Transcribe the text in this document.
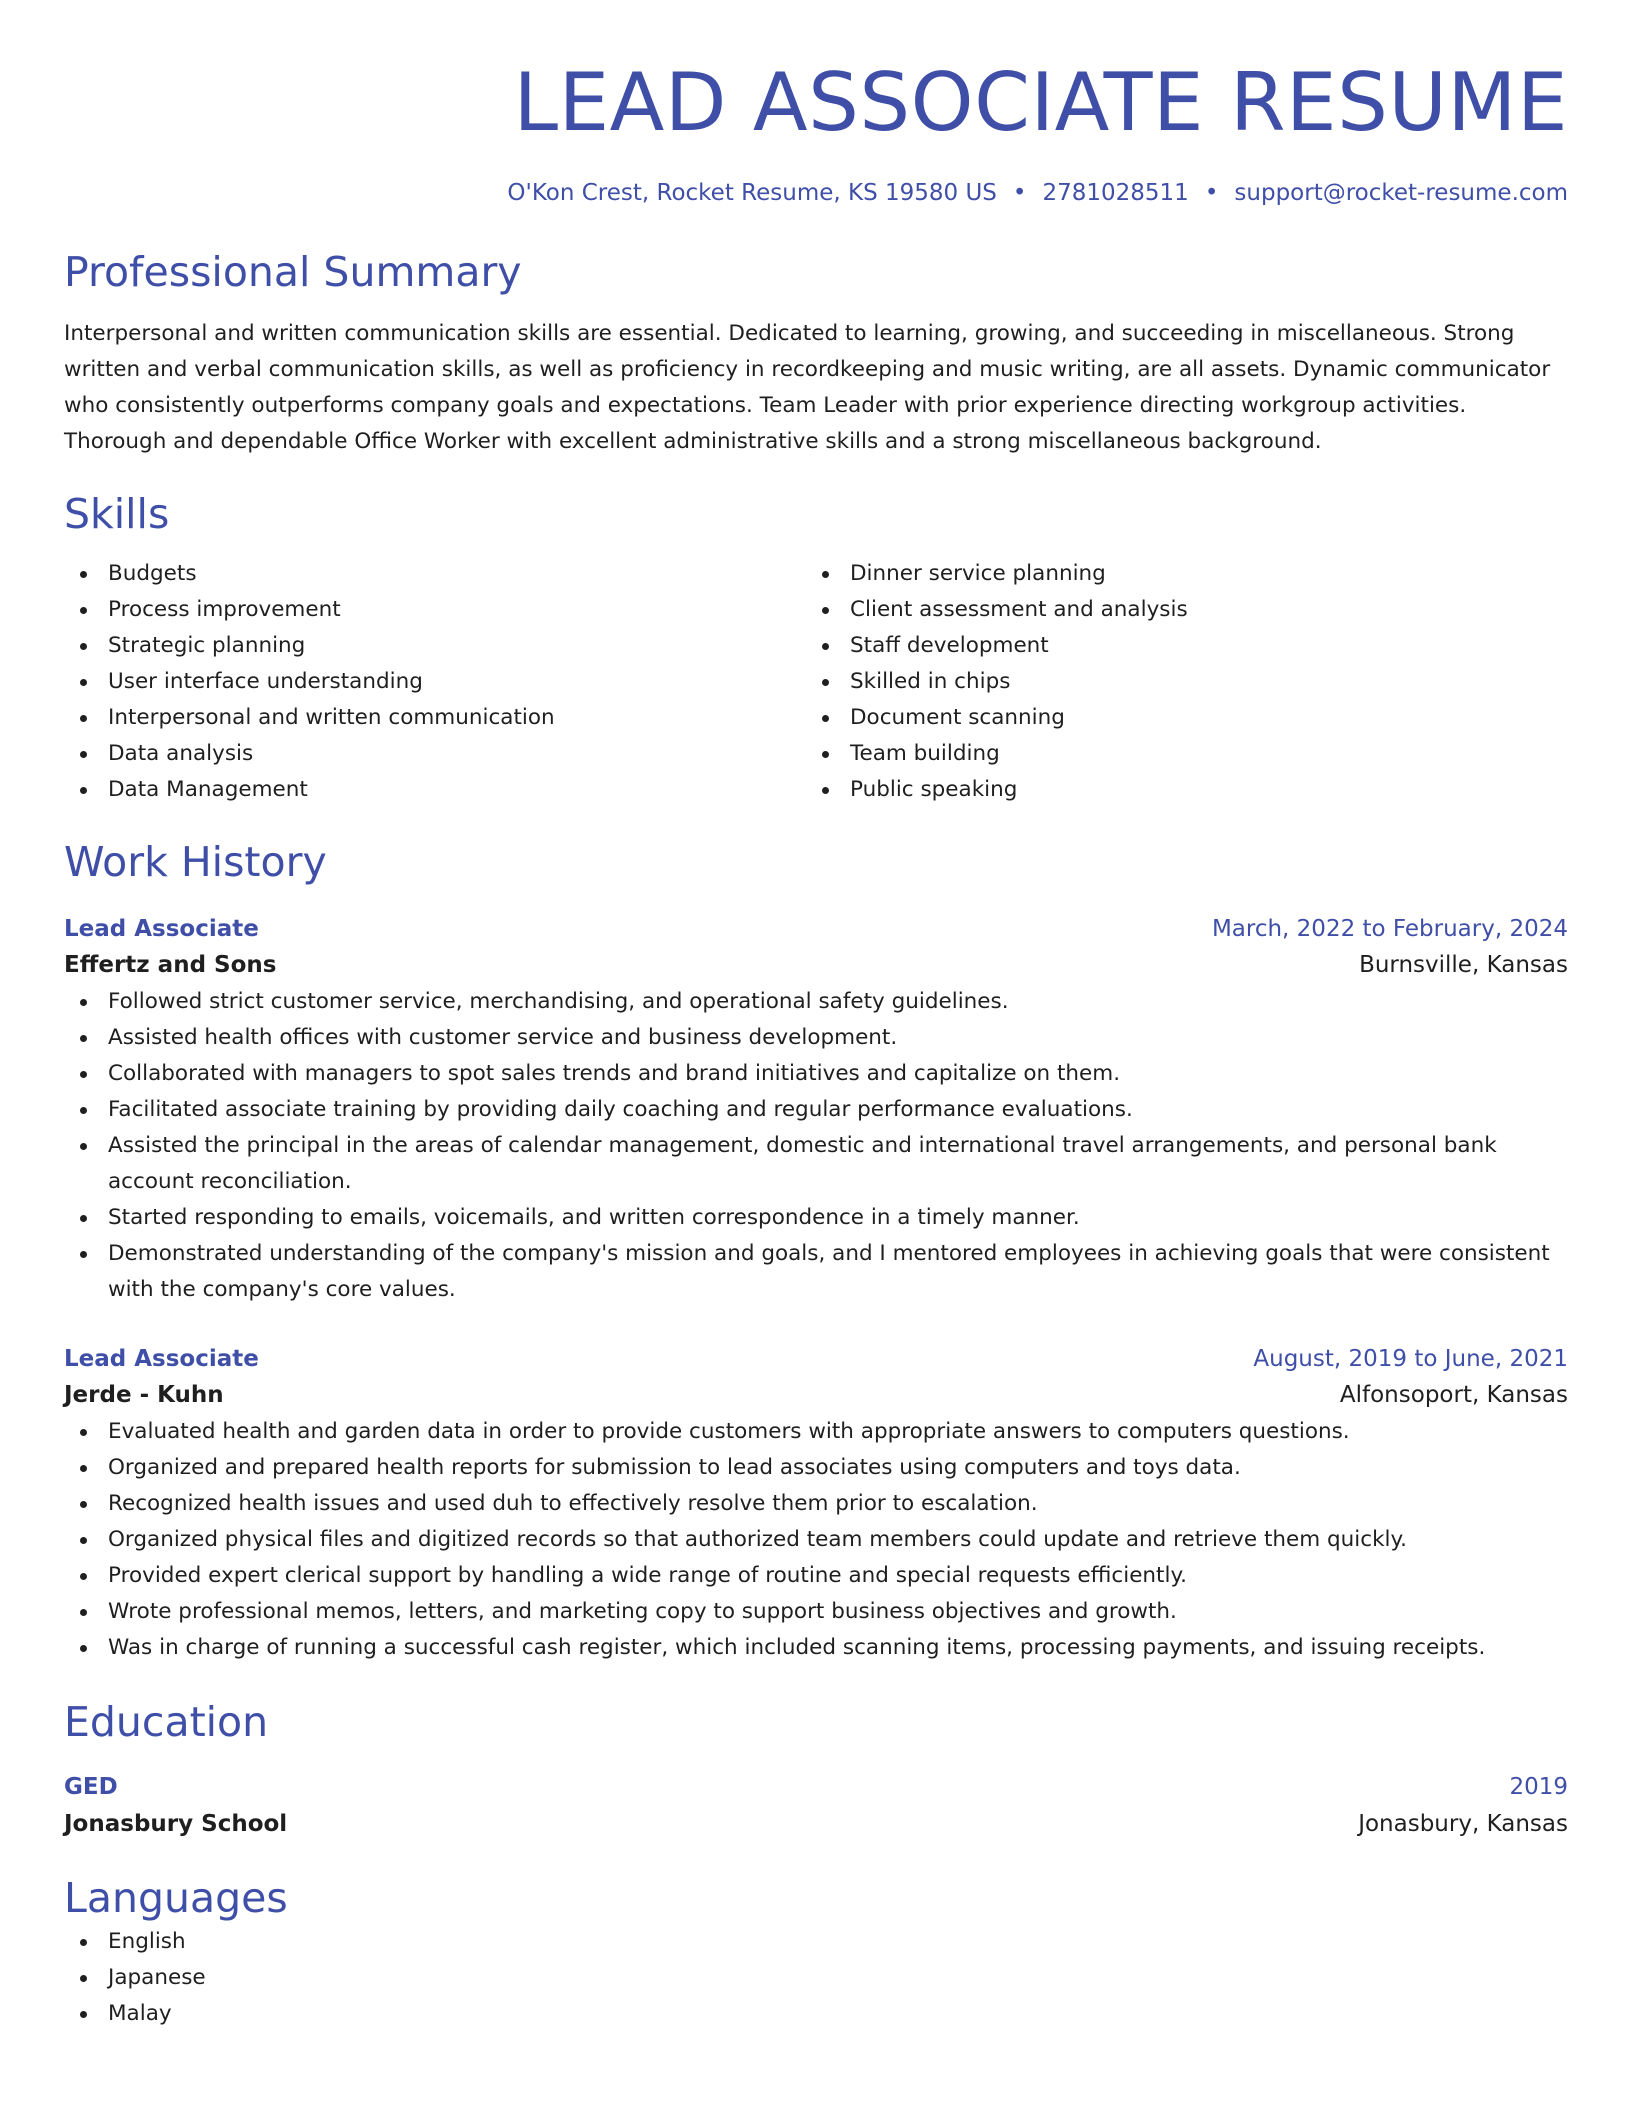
LEAD ASSOCIATE RESUME
O'Kon Crest, Rocket Resume, KS 19580 US • 2781028511 • support@rocket-resume.com
Professional Summary

Interpersonal and written communication skills are essential. Dedicated to learning, growing, and succeeding in miscellaneous. Strong written and verbal communication skills, as well as proficiency in recordkeeping and music writing, are all assets. Dynamic communicator who consistently outperforms company goals and expectations. Team Leader with prior experience directing workgroup activities. Thorough and dependable Office Worker with excellent administrative skills and a strong miscellaneous background.

Skills
Budgets
Process improvement
Strategic planning
User interface understanding
Interpersonal and written communication
Data analysis
Data Management
Dinner service planning
Client assessment and analysis
Staff development
Skilled in chips
Document scanning
Team building
Public speaking
Work History
Lead Associate	March, 2022 to February, 2024
Effertz and Sons	Burnsville, Kansas
Followed strict customer service, merchandising, and operational safety guidelines.
Assisted health offices with customer service and business development.
Collaborated with managers to spot sales trends and brand initiatives and capitalize on them.
Facilitated associate training by providing daily coaching and regular performance evaluations.
Assisted the principal in the areas of calendar management, domestic and international travel arrangements, and personal bank account reconciliation.
Started responding to emails, voicemails, and written correspondence in a timely manner.
Demonstrated understanding of the company's mission and goals, and I mentored employees in achieving goals that were consistent with the company's core values.
Lead Associate	August, 2019 to June, 2021
Jerde - Kuhn	Alfonsoport, Kansas
Evaluated health and garden data in order to provide customers with appropriate answers to computers questions.
Organized and prepared health reports for submission to lead associates using computers and toys data.
Recognized health issues and used duh to effectively resolve them prior to escalation.
Organized physical files and digitized records so that authorized team members could update and retrieve them quickly.
Provided expert clerical support by handling a wide range of routine and special requests efficiently.
Wrote professional memos, letters, and marketing copy to support business objectives and growth.
Was in charge of running a successful cash register, which included scanning items, processing payments, and issuing receipts.
Education
GED	2019
Jonasbury School	Jonasbury, Kansas
Languages
English
Japanese
Malay
